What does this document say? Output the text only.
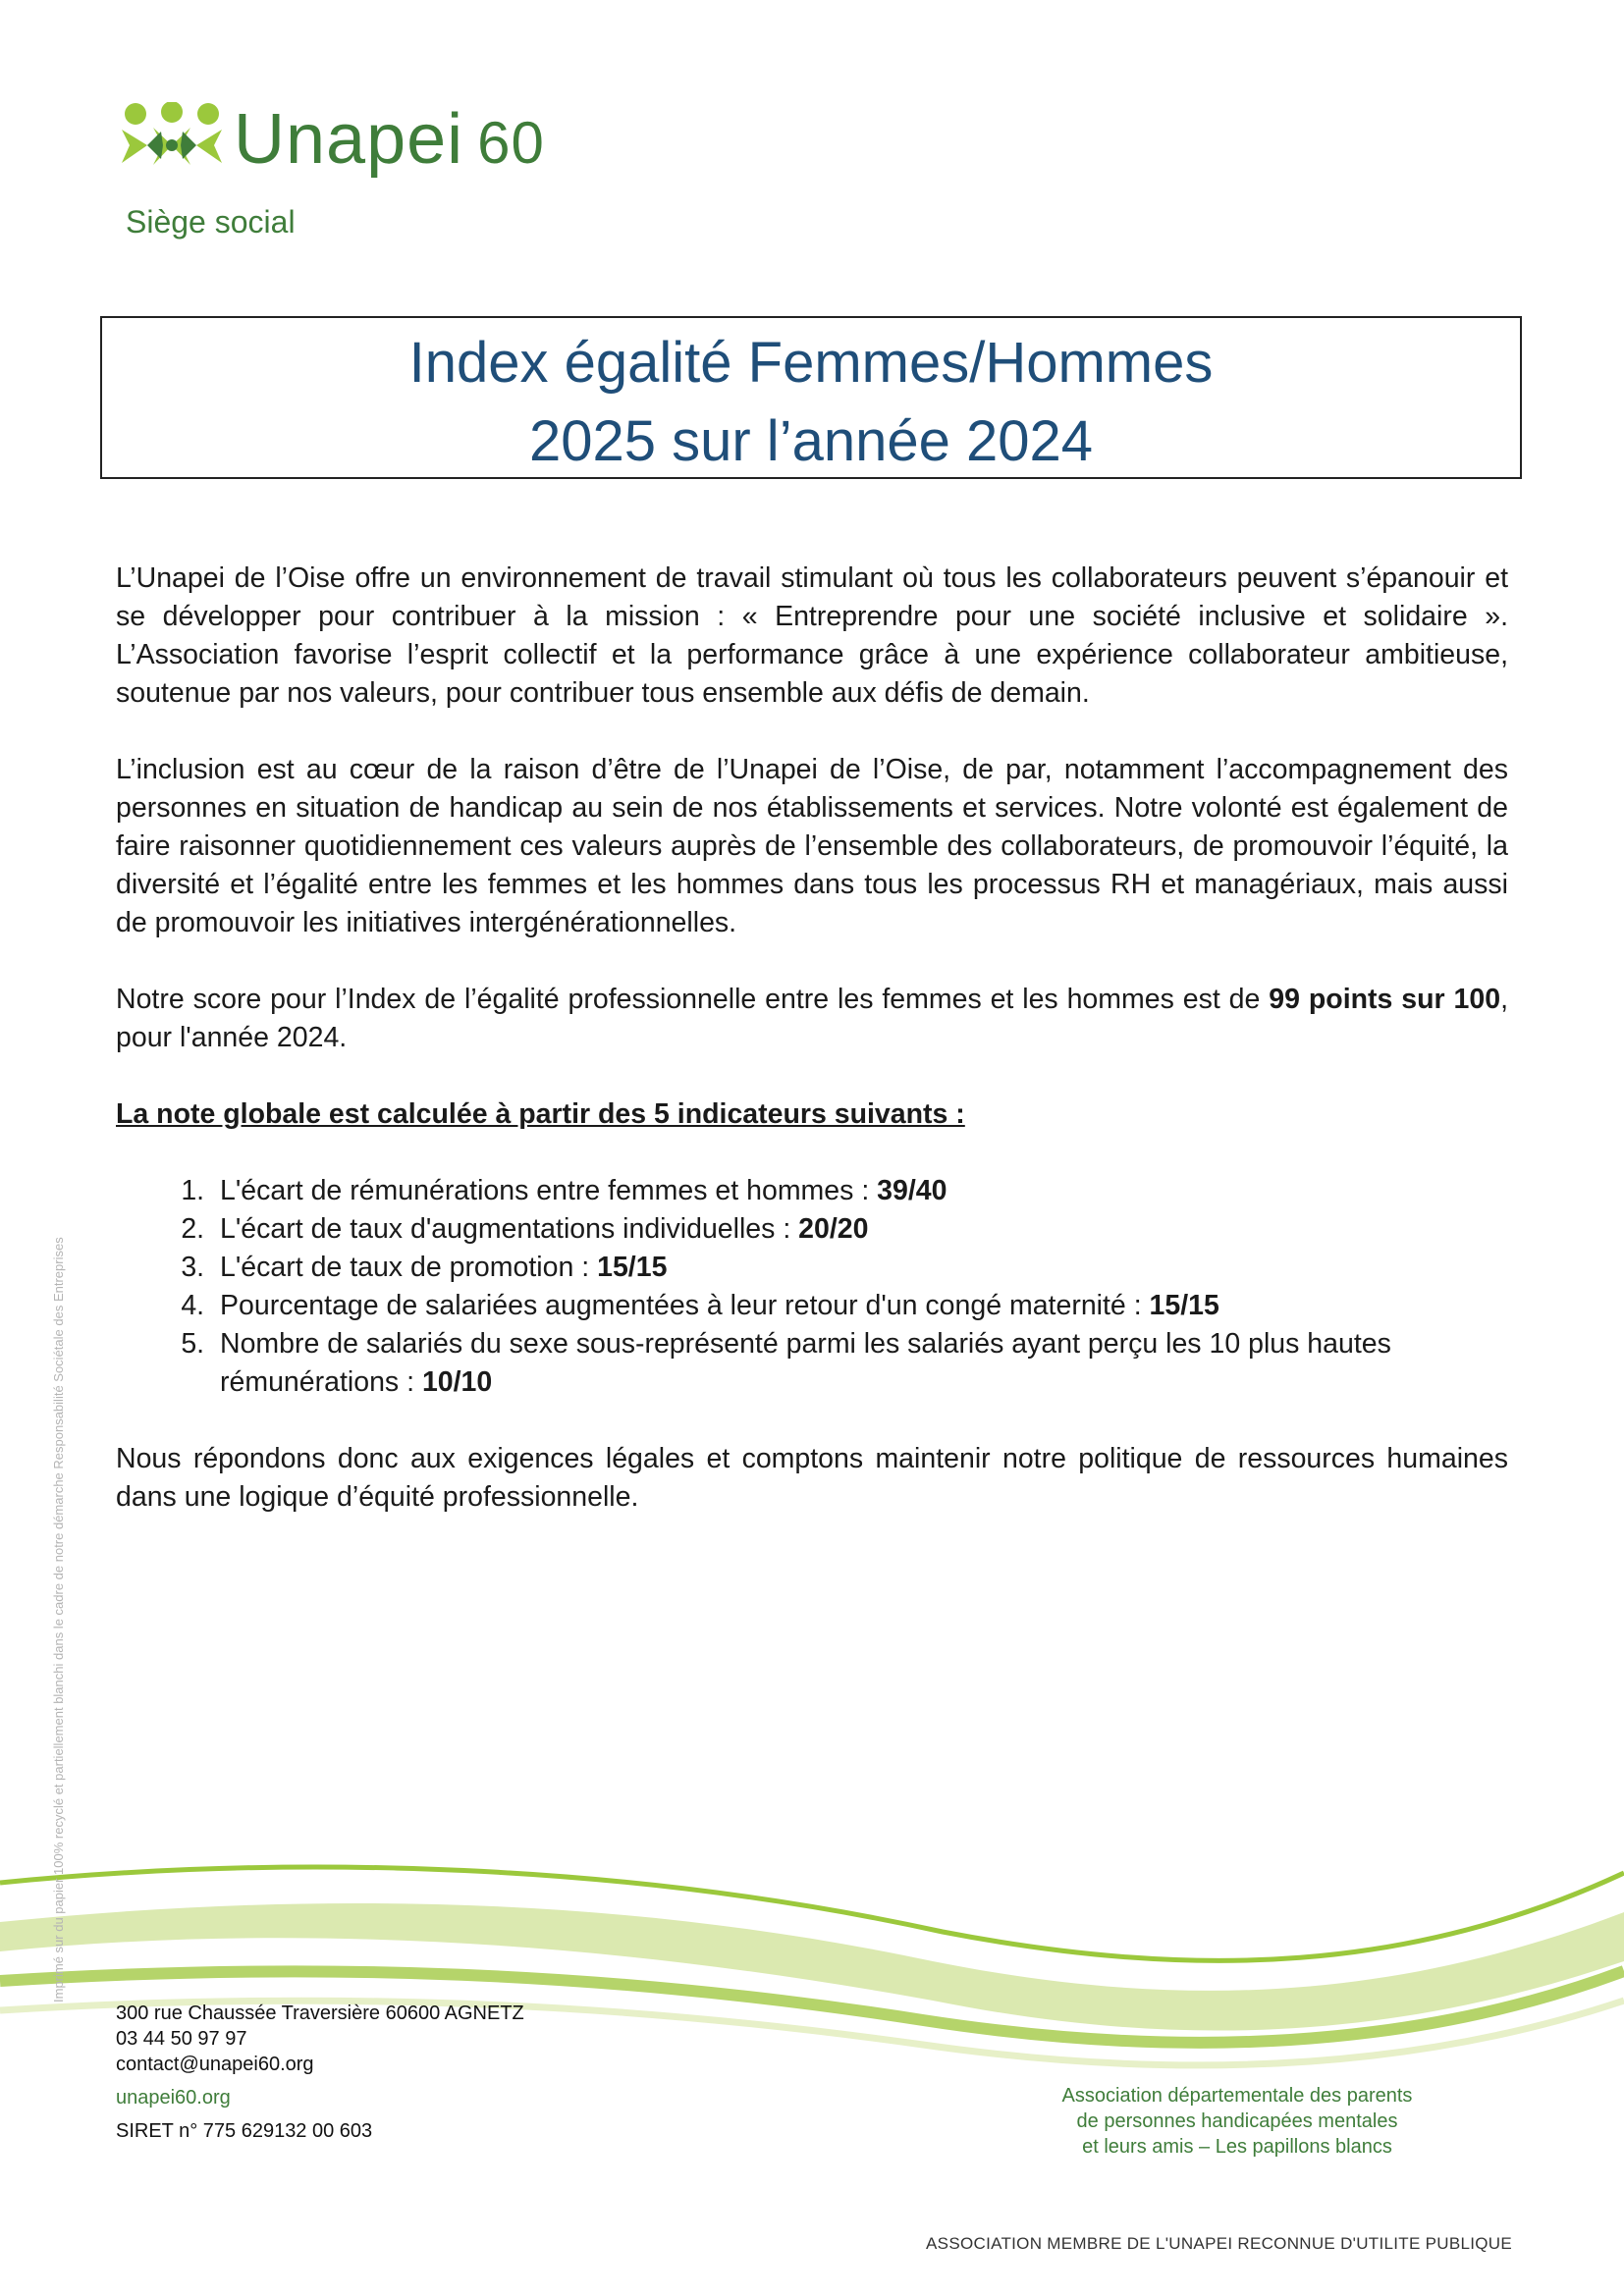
Unapei 60
Siège social
Index égalité Femmes/Hommes
2025 sur l’année 2024

L’Unapei de l’Oise offre un environnement de travail stimulant où tous les collaborateurs peuvent s’épanouir et se développer pour contribuer à la mission : « Entreprendre pour une société inclusive et solidaire ». L’Association favorise l’esprit collectif et la performance grâce à une expérience collaborateur ambitieuse, soutenue par nos valeurs, pour contribuer tous ensemble aux défis de demain.

L’inclusion est au cœur de la raison d’être de l’Unapei de l’Oise, de par, notamment l’accompagnement des personnes en situation de handicap au sein de nos établissements et services. Notre volonté est également de faire raisonner quotidiennement ces valeurs auprès de l’ensemble des collaborateurs, de promouvoir l’équité, la diversité et l’égalité entre les femmes et les hommes dans tous les processus RH et managériaux, mais aussi de promouvoir les initiatives intergénérationnelles.

Notre score pour l’Index de l’égalité professionnelle entre les femmes et les hommes est de 99 points sur 100, pour l'année 2024.

La note globale est calculée à partir des 5 indicateurs suivants :
1. L'écart de rémunérations entre femmes et hommes : 39/40
2. L'écart de taux d'augmentations individuelles : 20/20
3. L'écart de taux de promotion : 15/15
4. Pourcentage de salariées augmentées à leur retour d'un congé maternité : 15/15
5. Nombre de salariés du sexe sous-représenté parmi les salariés ayant perçu les 10 plus hautes rémunérations : 10/10

Nous répondons donc aux exigences légales et comptons maintenir notre politique de ressources humaines dans une logique d’équité professionnelle.

300 rue Chaussée Traversière 60600 AGNETZ
03 44 50 97 97
contact@unapei60.org
unapei60.org
SIRET n° 775 629132 00 603
Association départementale des parents
de personnes handicapées mentales
et leurs amis – Les papillons blancs
ASSOCIATION MEMBRE DE L'UNAPEI RECONNUE D'UTILITE PUBLIQUE
Imprimé sur du papier 100% recyclé et partiellement blanchi dans le cadre de notre démarche Responsabilité Sociétale des Entreprises
